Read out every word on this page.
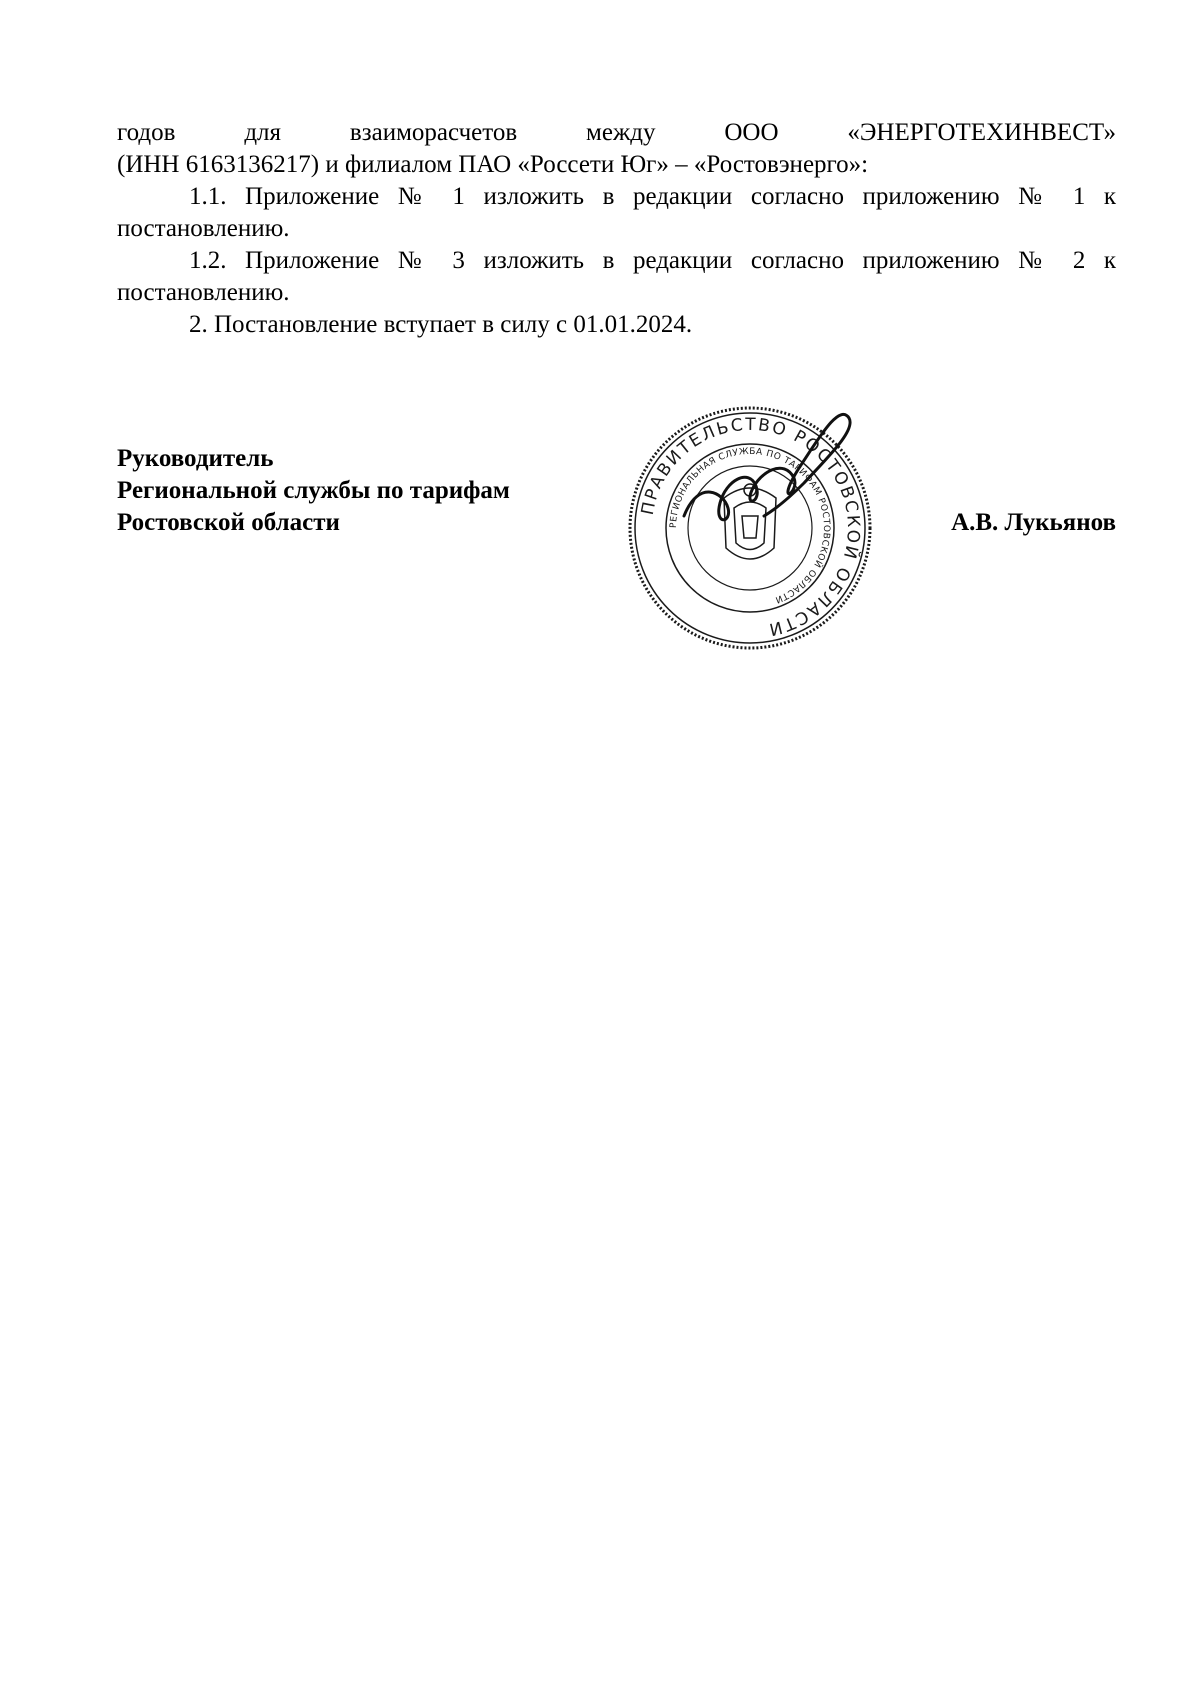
годов для взаиморасчетов между ООО «ЭНЕРГОТЕХИНВЕСТ»
(ИНН 6163136217) и филиалом ПАО «Россети Юг» – «Ростовэнерго»:

1.1. Приложение № 1 изложить в редакции согласно приложению № 1 к постановлению.

1.2. Приложение № 3 изложить в редакции согласно приложению № 2 к постановлению.

2. Постановление вступает в силу с 01.01.2024.

Руководитель
Региональной службы по тарифам
Ростовской области
ПРАВИТЕЛЬСТВО РОСТОВСКОЙ ОБЛАСТИ
РЕГИОНАЛЬНАЯ СЛУЖБА ПО ТАРИФАМ РОСТОВСКОЙ ОБЛАСТИ
А.В. Лукьянов
